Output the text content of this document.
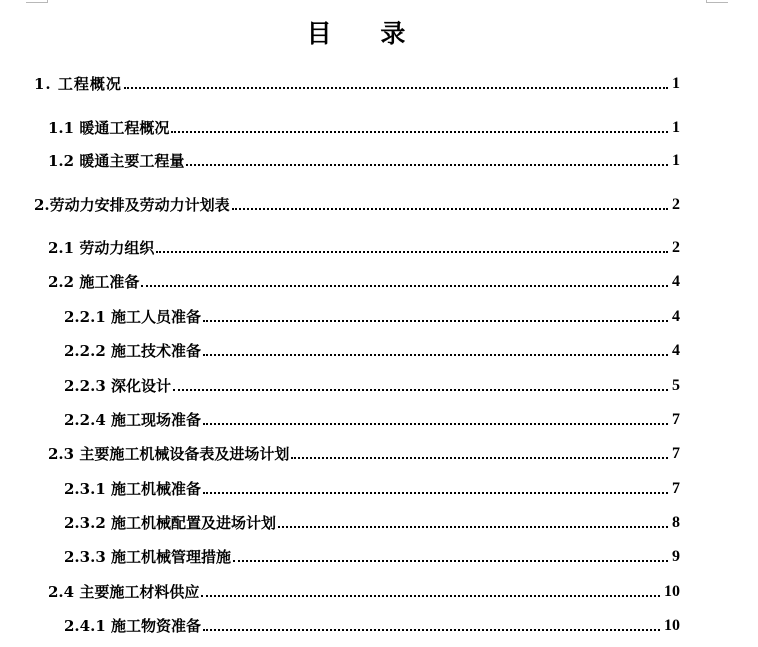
目 录
1. 工程概况	1
1.1 暖通工程概况	1
1.2 暖通主要工程量	1
2.劳动力安排及劳动力计划表	2
2.1 劳动力组织	2
2.2 施工准备	4
2.2.1 施工人员准备	4
2.2.2 施工技术准备	4
2.2.3 深化设计	5
2.2.4 施工现场准备	7
2.3 主要施工机械设备表及进场计划	7
2.3.1 施工机械准备	7
2.3.2 施工机械配置及进场计划	8
2.3.3 施工机械管理措施	9
2.4 主要施工材料供应	10
2.4.1 施工物资准备	10
